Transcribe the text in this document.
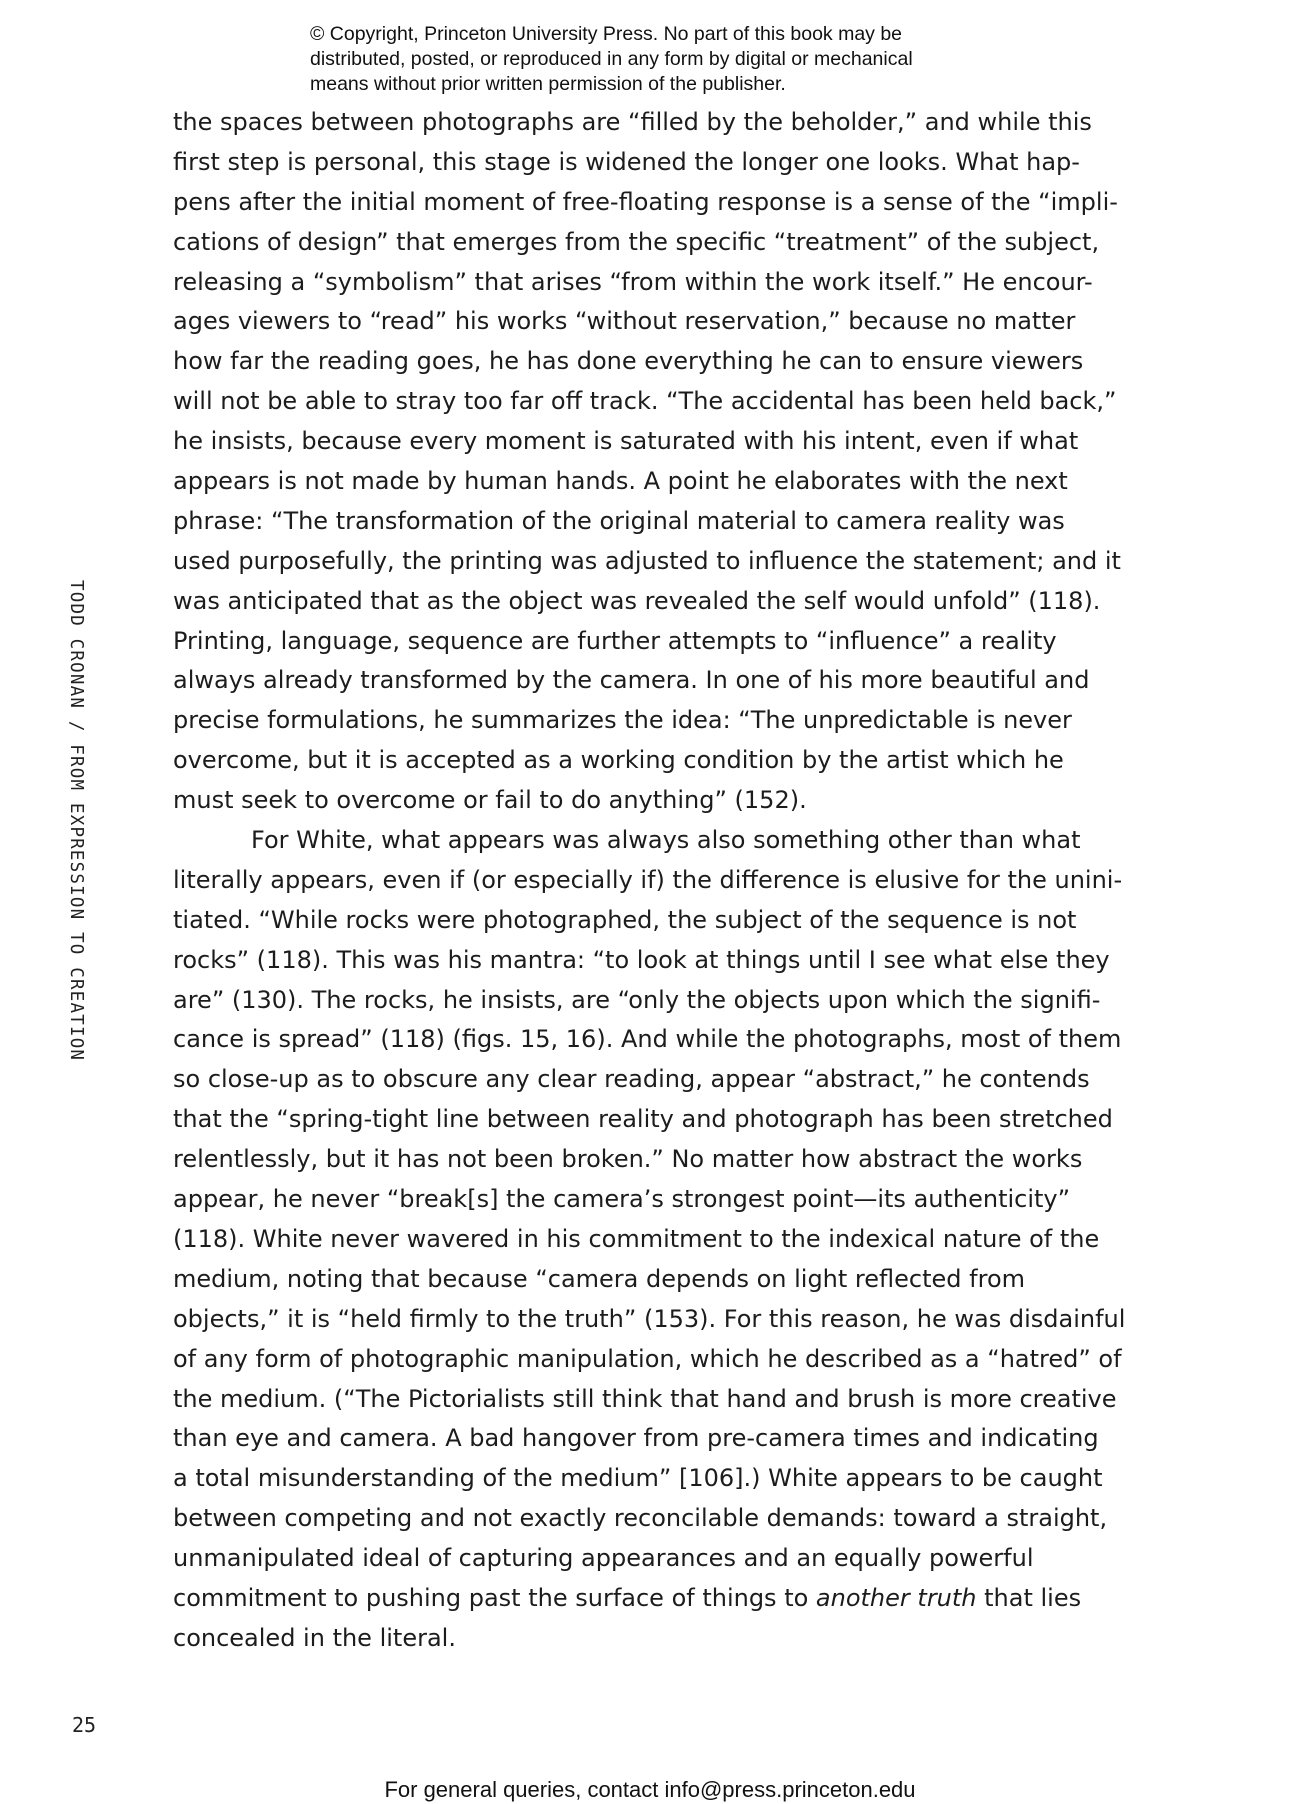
© Copyright, Princeton University Press. No part of this book may be
distributed, posted, or reproduced in any form by digital or mechanical
means without prior written permission of the publisher.
TODD CRONAN / FROM EXPRESSION TO CREATION
the spaces between photographs are “filled by the beholder,” and while this
first step is personal, this stage is widened the longer one looks. What hap-
pens after the initial moment of free-floating response is a sense of the “impli-
cations of design” that emerges from the specific “treatment” of the subject,
releasing a “symbolism” that arises “from within the work itself.” He encour-
ages viewers to “read” his works “without reservation,” because no matter
how far the reading goes, he has done everything he can to ensure viewers
will not be able to stray too far off track. “The accidental has been held back,”
he insists, because every moment is saturated with his intent, even if what
appears is not made by human hands. A point he elaborates with the next
phrase: “The transformation of the original material to camera reality was
used purposefully, the printing was adjusted to influence the statement; and it
was anticipated that as the object was revealed the self would unfold” (118).
Printing, language, sequence are further attempts to “influence” a reality
always already transformed by the camera. In one of his more beautiful and
precise formulations, he summarizes the idea: “The unpredictable is never
overcome, but it is accepted as a working condition by the artist which he
must seek to overcome or fail to do anything” (152).
For White, what appears was always also something other than what
literally appears, even if (or especially if) the difference is elusive for the unini-
tiated. “While rocks were photographed, the subject of the sequence is not
rocks” (118). This was his mantra: “to look at things until I see what else they
are” (130). The rocks, he insists, are “only the objects upon which the signifi-
cance is spread” (118) (figs. 15, 16). And while the photographs, most of them
so close-up as to obscure any clear reading, appear “abstract,” he contends
that the “spring-tight line between reality and photograph has been stretched
relentlessly, but it has not been broken.” No matter how abstract the works
appear, he never “break[s] the camera’s strongest point—its authenticity”
(118). White never wavered in his commitment to the indexical nature of the
medium, noting that because “camera depends on light reflected from
objects,” it is “held firmly to the truth” (153). For this reason, he was disdainful
of any form of photographic manipulation, which he described as a “hatred” of
the medium. (“The Pictorialists still think that hand and brush is more creative
than eye and camera. A bad hangover from pre-camera times and indicating
a total misunderstanding of the medium” [106].) White appears to be caught
between competing and not exactly reconcilable demands: toward a straight,
unmanipulated ideal of capturing appearances and an equally powerful
commitment to pushing past the surface of things to another truth that lies
concealed in the literal.
25
For general queries, contact info@press.princeton.edu
